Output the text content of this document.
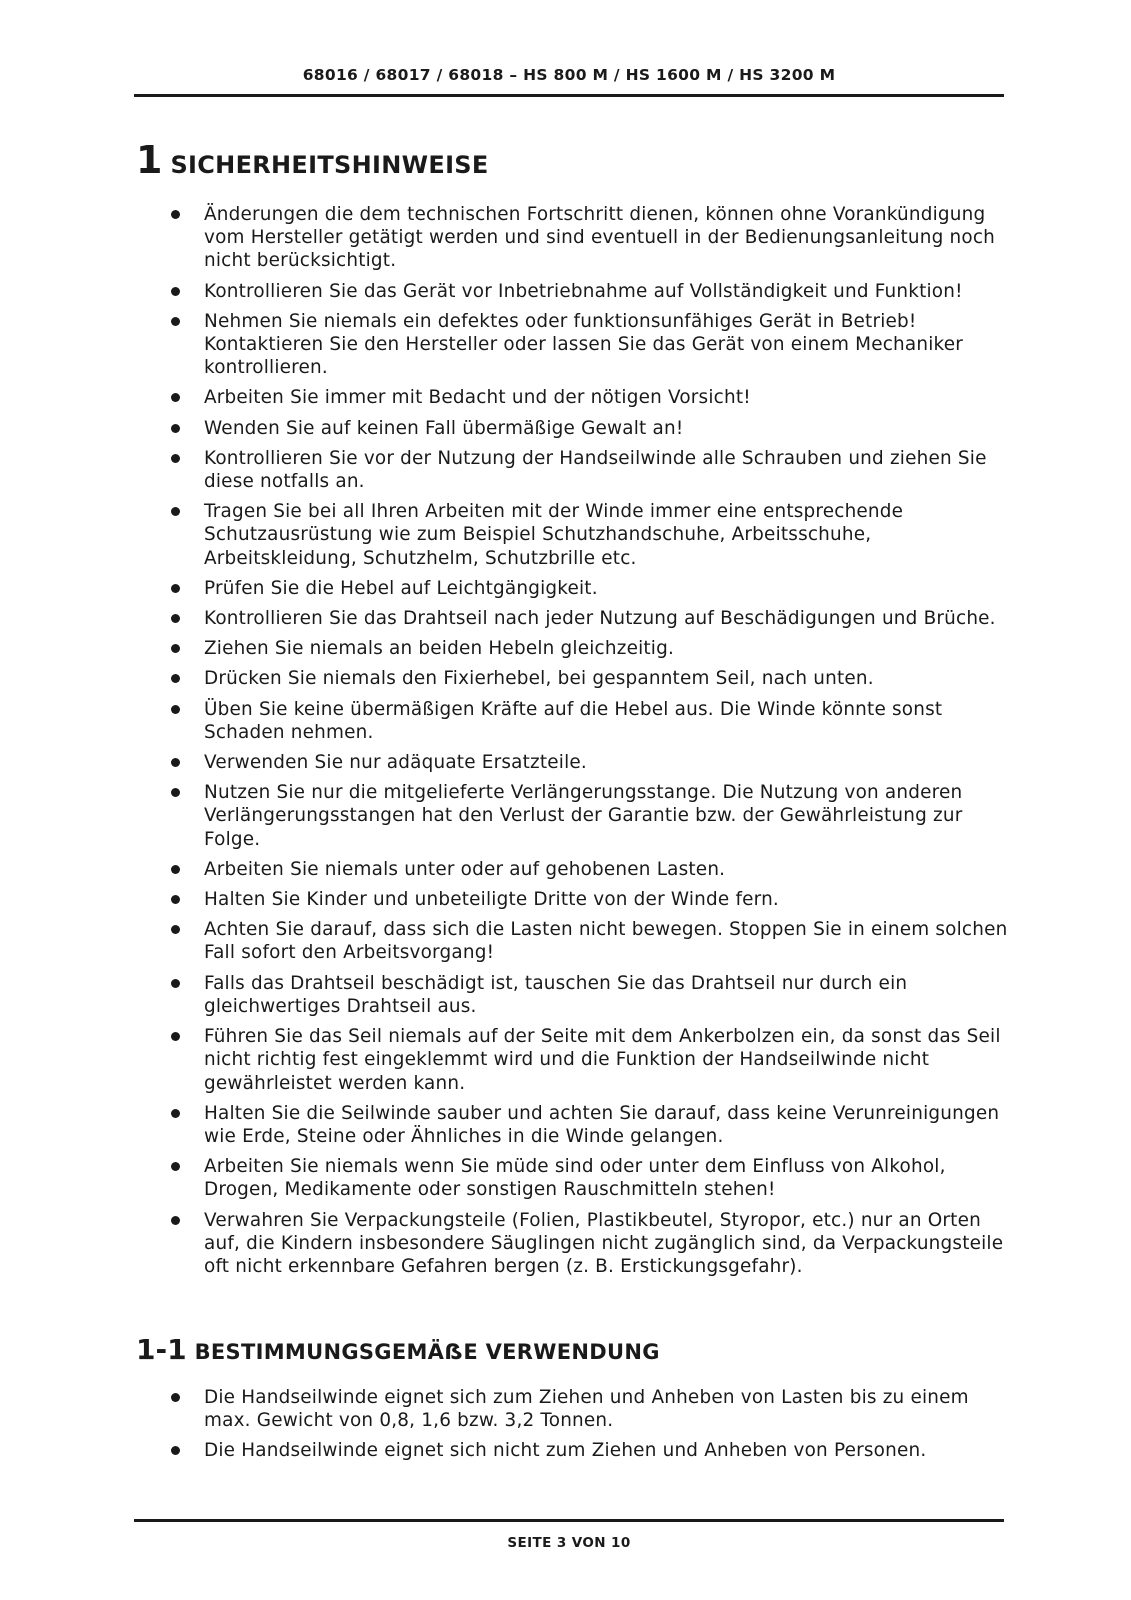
68016 / 68017 / 68018 – HS 800 M / HS 1600 M / HS 3200 M
1 SICHERHEITSHINWEISE
Änderungen die dem technischen Fortschritt dienen, können ohne Vorankündigung vom Hersteller getätigt werden und sind eventuell in der Bedienungsanleitung noch nicht berücksichtigt.
Kontrollieren Sie das Gerät vor Inbetriebnahme auf Vollständigkeit und Funktion!
Nehmen Sie niemals ein defektes oder funktionsunfähiges Gerät in Betrieb! Kontaktieren Sie den Hersteller oder lassen Sie das Gerät von einem Mechaniker kontrollieren.
Arbeiten Sie immer mit Bedacht und der nötigen Vorsicht!
Wenden Sie auf keinen Fall übermäßige Gewalt an!
Kontrollieren Sie vor der Nutzung der Handseilwinde alle Schrauben und ziehen Sie diese notfalls an.
Tragen Sie bei all Ihren Arbeiten mit der Winde immer eine entsprechende Schutzausrüstung wie zum Beispiel Schutzhandschuhe, Arbeitsschuhe, Arbeitskleidung, Schutzhelm, Schutzbrille etc.
Prüfen Sie die Hebel auf Leichtgängigkeit.
Kontrollieren Sie das Drahtseil nach jeder Nutzung auf Beschädigungen und Brüche.
Ziehen Sie niemals an beiden Hebeln gleichzeitig.
Drücken Sie niemals den Fixierhebel, bei gespanntem Seil, nach unten.
Üben Sie keine übermäßigen Kräfte auf die Hebel aus. Die Winde könnte sonst Schaden nehmen.
Verwenden Sie nur adäquate Ersatzteile.
Nutzen Sie nur die mitgelieferte Verlängerungsstange. Die Nutzung von anderen Verlängerungsstangen hat den Verlust der Garantie bzw. der Gewährleistung zur Folge.
Arbeiten Sie niemals unter oder auf gehobenen Lasten.
Halten Sie Kinder und unbeteiligte Dritte von der Winde fern.
Achten Sie darauf, dass sich die Lasten nicht bewegen. Stoppen Sie in einem solchen Fall sofort den Arbeitsvorgang!
Falls das Drahtseil beschädigt ist, tauschen Sie das Drahtseil nur durch ein gleichwertiges Drahtseil aus.
Führen Sie das Seil niemals auf der Seite mit dem Ankerbolzen ein, da sonst das Seil nicht richtig fest eingeklemmt wird und die Funktion der Handseilwinde nicht gewährleistet werden kann.
Halten Sie die Seilwinde sauber und achten Sie darauf, dass keine Verunreinigungen wie Erde, Steine oder Ähnliches in die Winde gelangen.
Arbeiten Sie niemals wenn Sie müde sind oder unter dem Einfluss von Alkohol, Drogen, Medikamente oder sonstigen Rauschmitteln stehen!
Verwahren Sie Verpackungsteile (Folien, Plastikbeutel, Styropor, etc.) nur an Orten auf, die Kindern insbesondere Säuglingen nicht zugänglich sind, da Verpackungsteile oft nicht erkennbare Gefahren bergen (z. B. Erstickungsgefahr).
1-1 BESTIMMUNGSGEMÄẞE VERWENDUNG
Die Handseilwinde eignet sich zum Ziehen und Anheben von Lasten bis zu einem max. Gewicht von 0,8, 1,6 bzw. 3,2 Tonnen.
Die Handseilwinde eignet sich nicht zum Ziehen und Anheben von Personen.
SEITE 3 VON 10
